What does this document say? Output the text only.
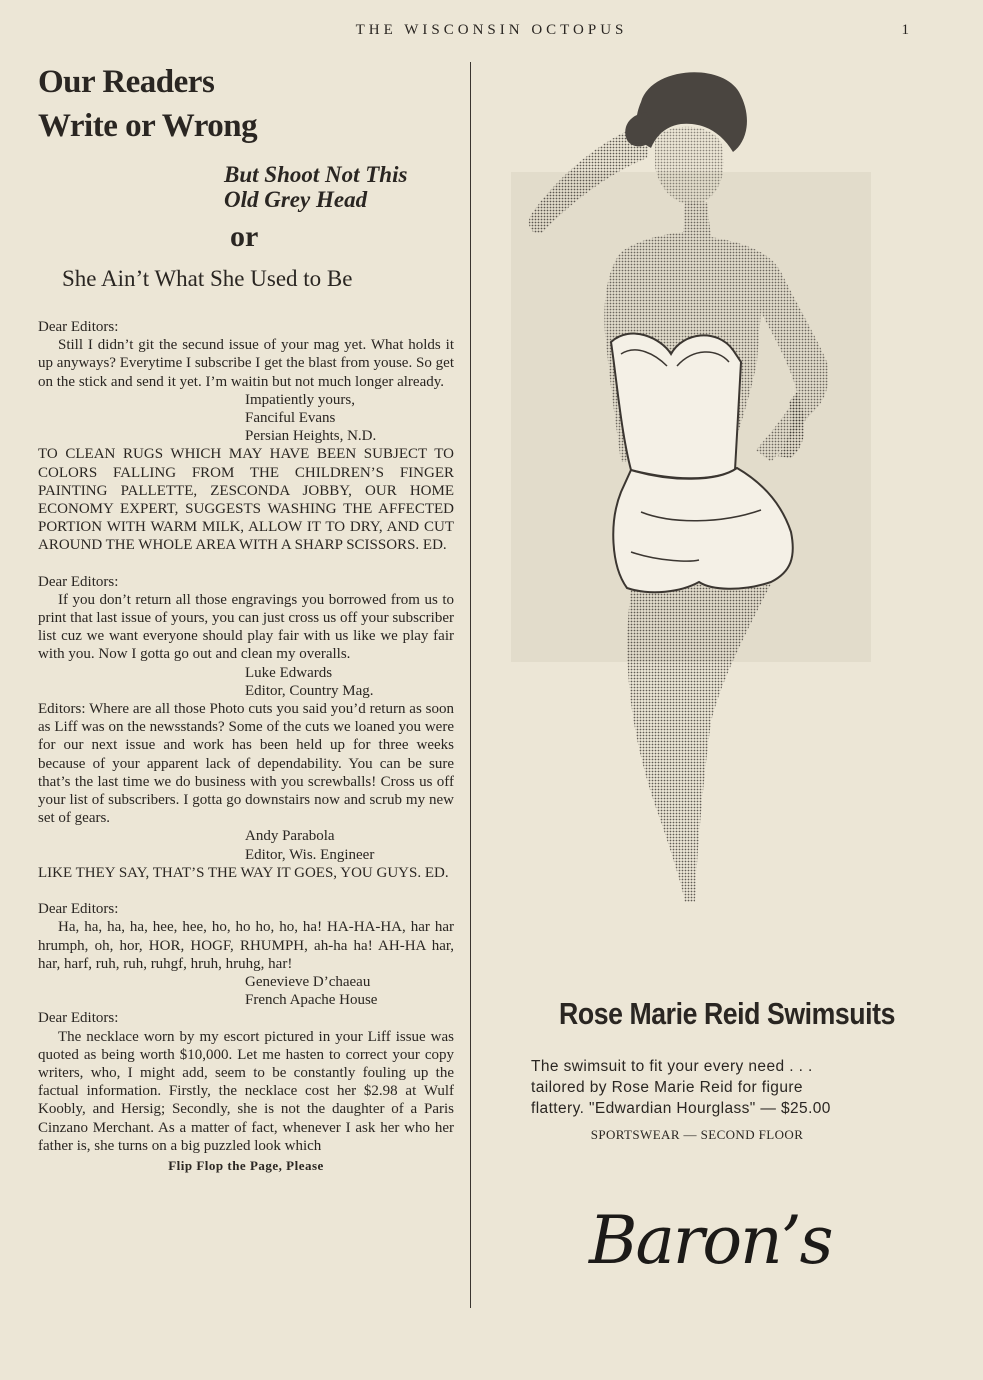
THE WISCONSIN OCTOPUS	1
Our Readers
Write or Wrong
But Shoot Not This
Old Grey Head
or
She Ain’t What She Used to Be

Dear Editors:

Still I didn’t git the secund issue of your mag yet. What holds it up anyways? Everytime I subscribe I get the blast from youse. So get on the stick and send it yet. I’m waitin but not much longer already.

Impatiently yours,

Fanciful Evans

Persian Heights, N.D.

TO CLEAN RUGS WHICH MAY HAVE BEEN SUBJECT TO COLORS FALLING FROM THE CHILDREN’S FINGER PAINTING PALLETTE, ZESCONDA JOBBY, OUR HOME ECONOMY EXPERT, SUGGESTS WASHING THE AFFECTED PORTION WITH WARM MILK, ALLOW IT TO DRY, AND CUT AROUND THE WHOLE AREA WITH A SHARP SCISSORS. ED.

Dear Editors:

If you don’t return all those engravings you borrowed from us to print that last issue of yours, you can just cross us off your subscriber list cuz we want everyone should play fair with us like we play fair with you. Now I gotta go out and clean my overalls.

Luke Edwards

Editor, Country Mag.

Editors: Where are all those Photo cuts you said you’d return as soon as Liff was on the newsstands? Some of the cuts we loaned you were for our next issue and work has been held up for three weeks because of your apparent lack of dependability. You can be sure that’s the last time we do business with you screwballs! Cross us off your list of subscribers. I gotta go downstairs now and scrub my new set of gears.

Andy Parabola

Editor, Wis. Engineer

LIKE THEY SAY, THAT’S THE WAY IT GOES, YOU GUYS. ED.

Dear Editors:

Ha, ha, ha, ha, hee, hee, ho, ho ho, ho, ha! HA-HA-HA, har har hrumph, oh, hor, HOR, HOGF, RHUMPH, ah-ha ha! AH-HA har, har, harf, ruh, ruh, ruhgf, hruh, hruhg, har!

Genevieve D’chaeau

French Apache House

Dear Editors:

The necklace worn by my escort pictured in your Liff issue was quoted as being worth $10,000. Let me hasten to correct your copy writers, who, I might add, seem to be constantly fouling up the factual information. Firstly, the necklace cost her $2.98 at Wulf Koobly, and Hersig; Secondly, she is not the daughter of a Paris Cinzano Merchant. As a matter of fact, whenever I ask her who her father is, she turns on a big puzzled look which

Flip Flop the Page, Please
Rose Marie Reid Swimsuits
The swimsuit to fit your every need . . .
tailored by Rose Marie Reid for figure
flattery. "Edwardian Hourglass" — $25.00
SPORTSWEAR — SECOND FLOOR
Baron’s
